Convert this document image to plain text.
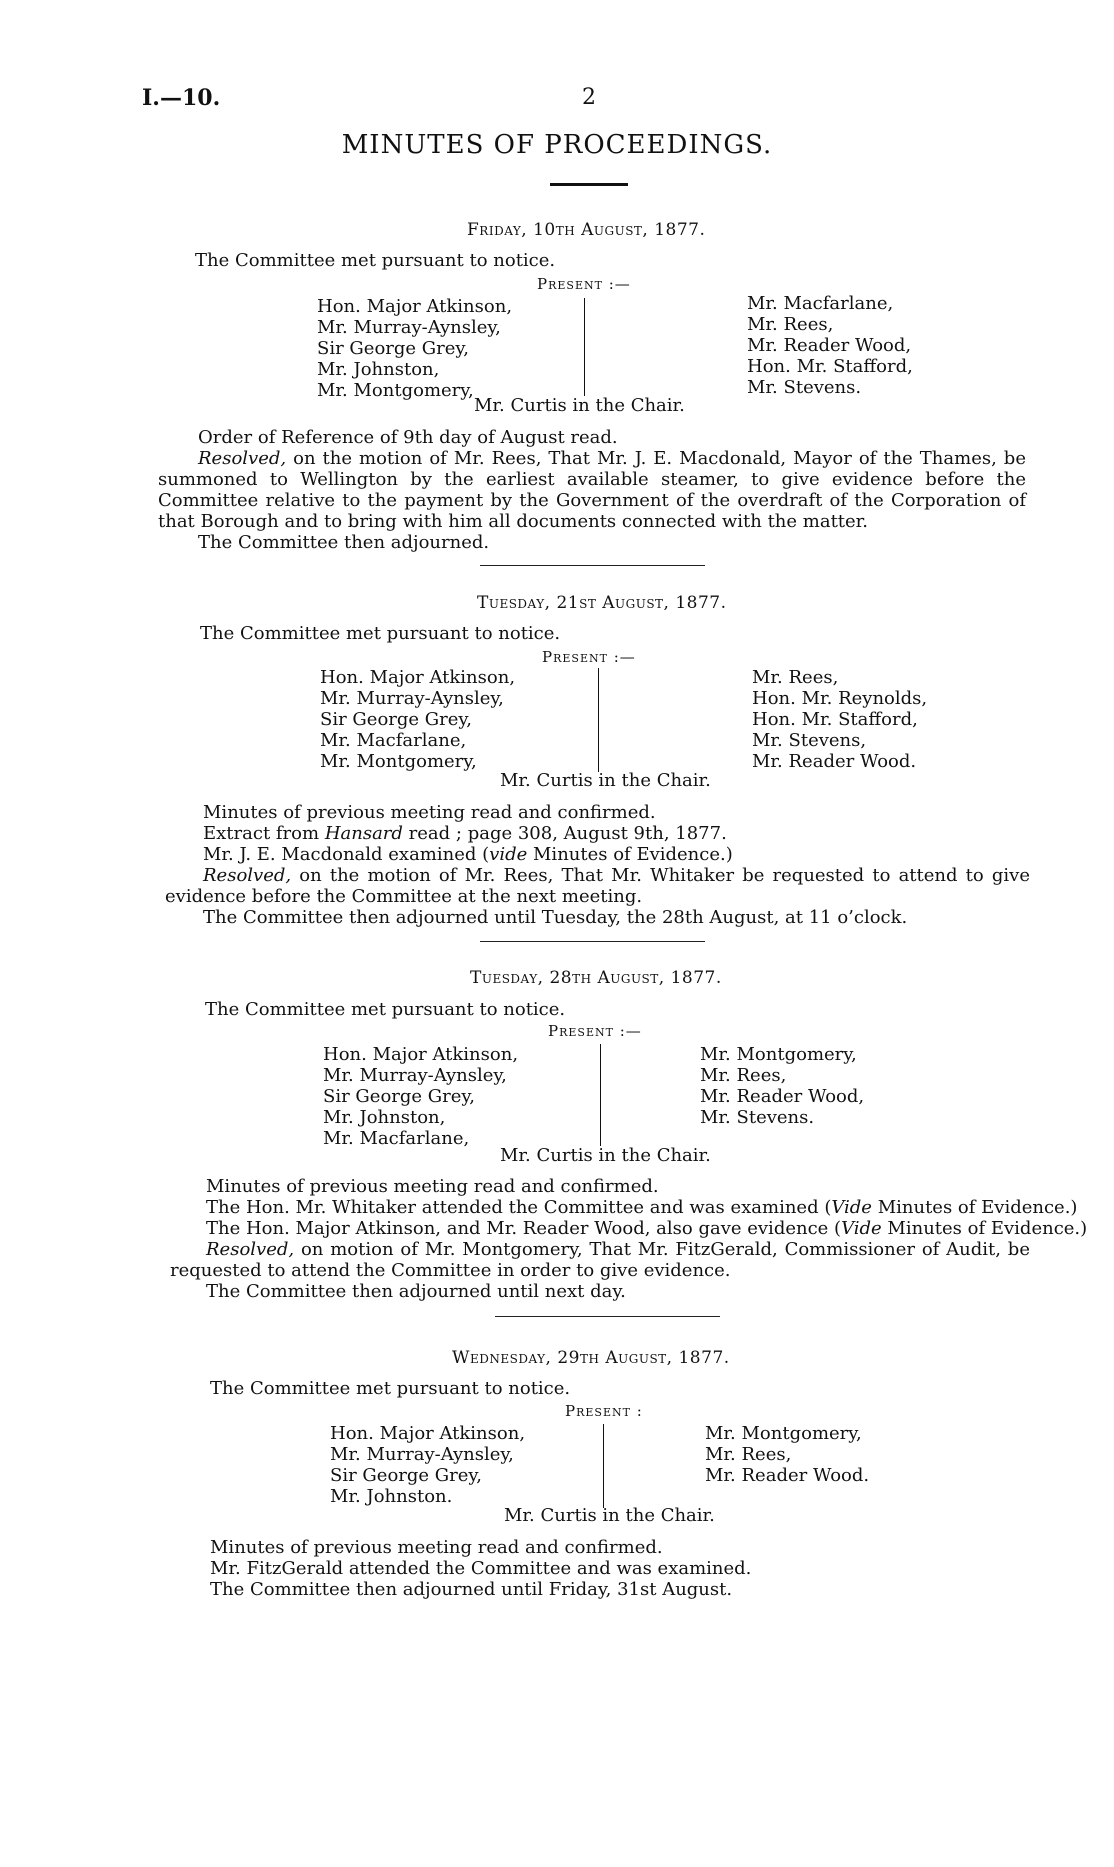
I.—10.	2
MINUTES OF PROCEEDINGS.
Friday, 10th August, 1877.
The Committee met pursuant to notice.
Present :—
Hon. Major Atkinson,
Mr. Murray-Aynsley,
Sir George Grey,
Mr. Johnston,
Mr. Montgomery,
Mr. Macfarlane,
Mr. Rees,
Mr. Reader Wood,
Hon. Mr. Stafford,
Mr. Stevens.
Mr. Curtis in the Chair.
Order of Reference of 9th day of August read.
Resolved, on the motion of Mr. Rees, That Mr. J. E. Macdonald, Mayor of the Thames, be summoned to Wellington by the earliest available steamer, to give evidence before the Committee relative to the payment by the Government of the overdraft of the Corporation of that Borough and to bring with him all documents connected with the matter.
The Committee then adjourned.
Tuesday, 21st August, 1877.
The Committee met pursuant to notice.
Present :—
Hon. Major Atkinson,
Mr. Murray-Aynsley,
Sir George Grey,
Mr. Macfarlane,
Mr. Montgomery,
Mr. Rees,
Hon. Mr. Reynolds,
Hon. Mr. Stafford,
Mr. Stevens,
Mr. Reader Wood.
Mr. Curtis in the Chair.
Minutes of previous meeting read and confirmed.
Extract from Hansard read ; page 308, August 9th, 1877.
Mr. J. E. Macdonald examined (vide Minutes of Evidence.)
Resolved, on the motion of Mr. Rees, That Mr. Whitaker be requested to attend to give evidence before the Committee at the next meeting.
The Committee then adjourned until Tuesday, the 28th August, at 11 o’clock.
Tuesday, 28th August, 1877.
The Committee met pursuant to notice.
Present :—
Hon. Major Atkinson,
Mr. Murray-Aynsley,
Sir George Grey,
Mr. Johnston,
Mr. Macfarlane,
Mr. Montgomery,
Mr. Rees,
Mr. Reader Wood,
Mr. Stevens.
Mr. Curtis in the Chair.
Minutes of previous meeting read and confirmed.
The Hon. Mr. Whitaker attended the Committee and was examined (Vide Minutes of Evidence.)
The Hon. Major Atkinson, and Mr. Reader Wood, also gave evidence (Vide Minutes of Evidence.)
Resolved, on motion of Mr. Montgomery, That Mr. FitzGerald, Commissioner of Audit, be requested to attend the Committee in order to give evidence.
The Committee then adjourned until next day.
Wednesday, 29th August, 1877.
The Committee met pursuant to notice.
Present :
Hon. Major Atkinson,
Mr. Murray-Aynsley,
Sir George Grey,
Mr. Johnston.
Mr. Montgomery,
Mr. Rees,
Mr. Reader Wood.
Mr. Curtis in the Chair.
Minutes of previous meeting read and confirmed.
Mr. FitzGerald attended the Committee and was examined.
The Committee then adjourned until Friday, 31st August.
